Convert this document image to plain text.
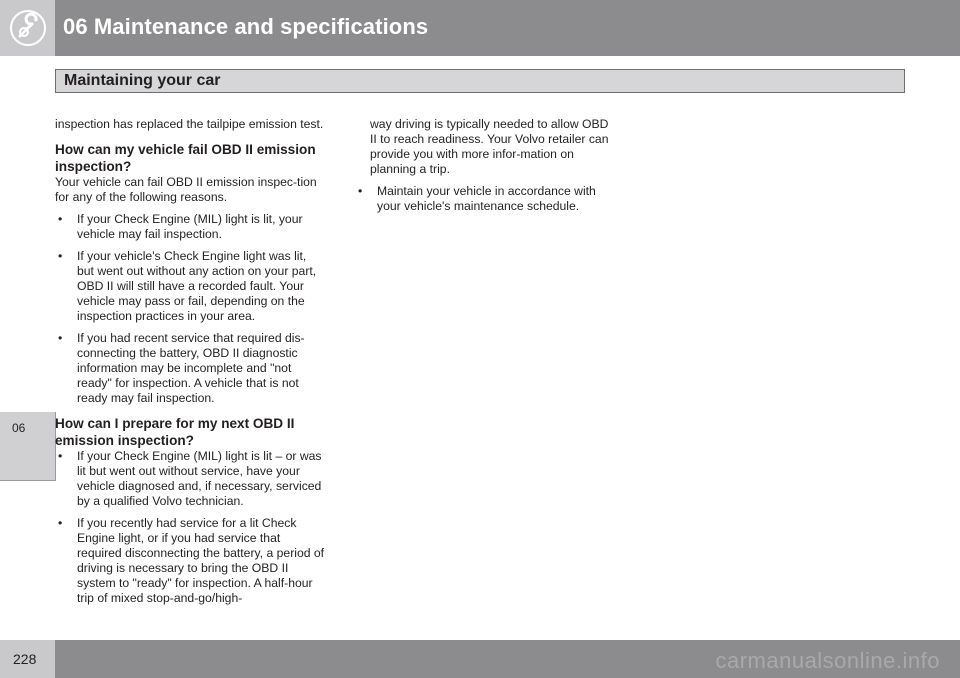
06 Maintenance and specifications
Maintaining your car
06

inspection has replaced the tailpipe emission test.

How can my vehicle fail OBD II emission inspection?

Your vehicle can fail OBD II emission inspec-tion for any of the following reasons.

• If your Check Engine (MIL) light is lit, your vehicle may fail inspection.
• If your vehicle's Check Engine light was lit, but went out without any action on your part, OBD II will still have a recorded fault. Your vehicle may pass or fail, depending on the inspection practices in your area.
• If you had recent service that required dis-connecting the battery, OBD II diagnostic information may be incomplete and "not ready" for inspection. A vehicle that is not ready may fail inspection.
How can I prepare for my next OBD II emission inspection?
• If your Check Engine (MIL) light is lit – or was lit but went out without service, have your vehicle diagnosed and, if necessary, serviced by a qualified Volvo technician.
• If you recently had service for a lit Check Engine light, or if you had service that required disconnecting the battery, a period of driving is necessary to bring the OBD II system to "ready" for inspection. A half-hour trip of mixed stop-and-go/high-

way driving is typically needed to allow OBD II to reach readiness. Your Volvo retailer can provide you with more infor-mation on planning a trip.

• Maintain your vehicle in accordance with your vehicle's maintenance schedule.
228	carmanualsonline.info
